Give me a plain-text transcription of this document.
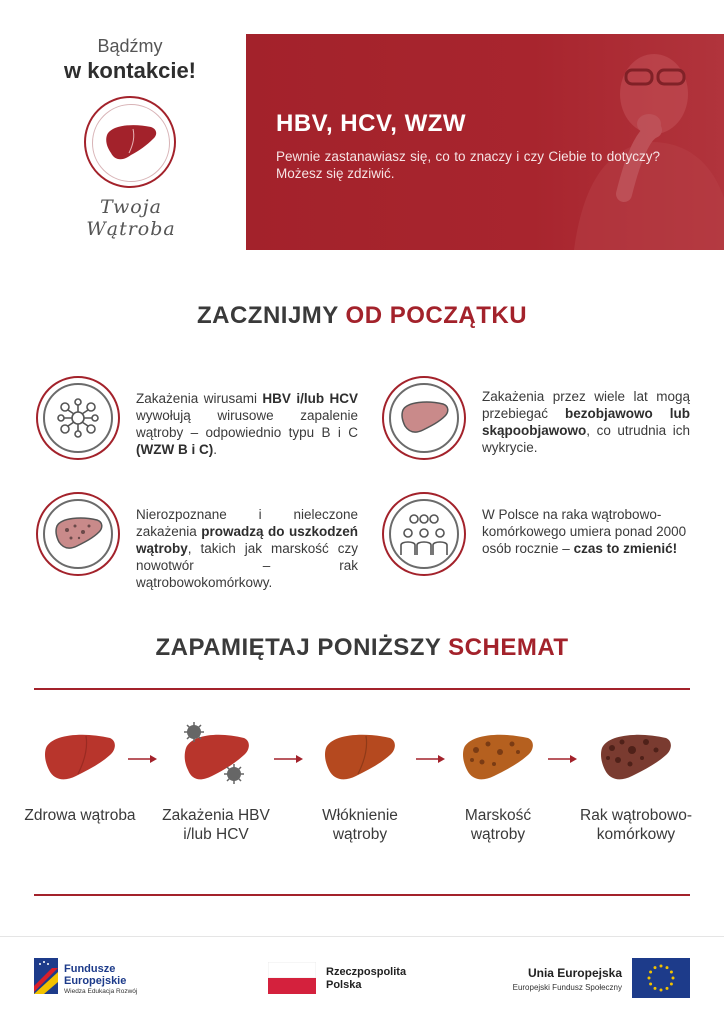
Bądźmy
w kontakcie!
Twoja Wątroba
HBV, HCV, WZW
Pewnie zastanawiasz się, co to znaczy i czy Ciebie to dotyczy? Możesz się zdziwić.
ZACZNIJMY OD POCZĄTKU
Zakażenia wirusami HBV i/lub HCV wywołują wirusowe zapalenie wątroby – odpowiednio typu B i C (WZW B i C).
Zakażenia przez wiele lat mogą przebiegać bezobjawowo lub skąpoobjawowo, co utrudnia ich wykrycie.
Nierozpoznane i nieleczone zakażenia prowadzą do uszkodzeń wątroby, takich jak marskość czy nowotwór – rak wątrobowokomórkowy.
W Polsce na raka wątrobowo-komórkowego umiera ponad 2000 osób rocznie – czas to zmienić!
ZAPAMIĘTAJ PONIŻSZY SCHEMAT
Zdrowa wątroba	Zakażenia HBV i/lub HCV
Włóknienie wątroby
Marskość wątroby
Rak wątrobowo-komórkowy
Fundusze
Europejskie
Wiedza Edukacja Rozwój
Rzeczpospolita
Polska
Unia Europejska
Europejski Fundusz Społeczny
